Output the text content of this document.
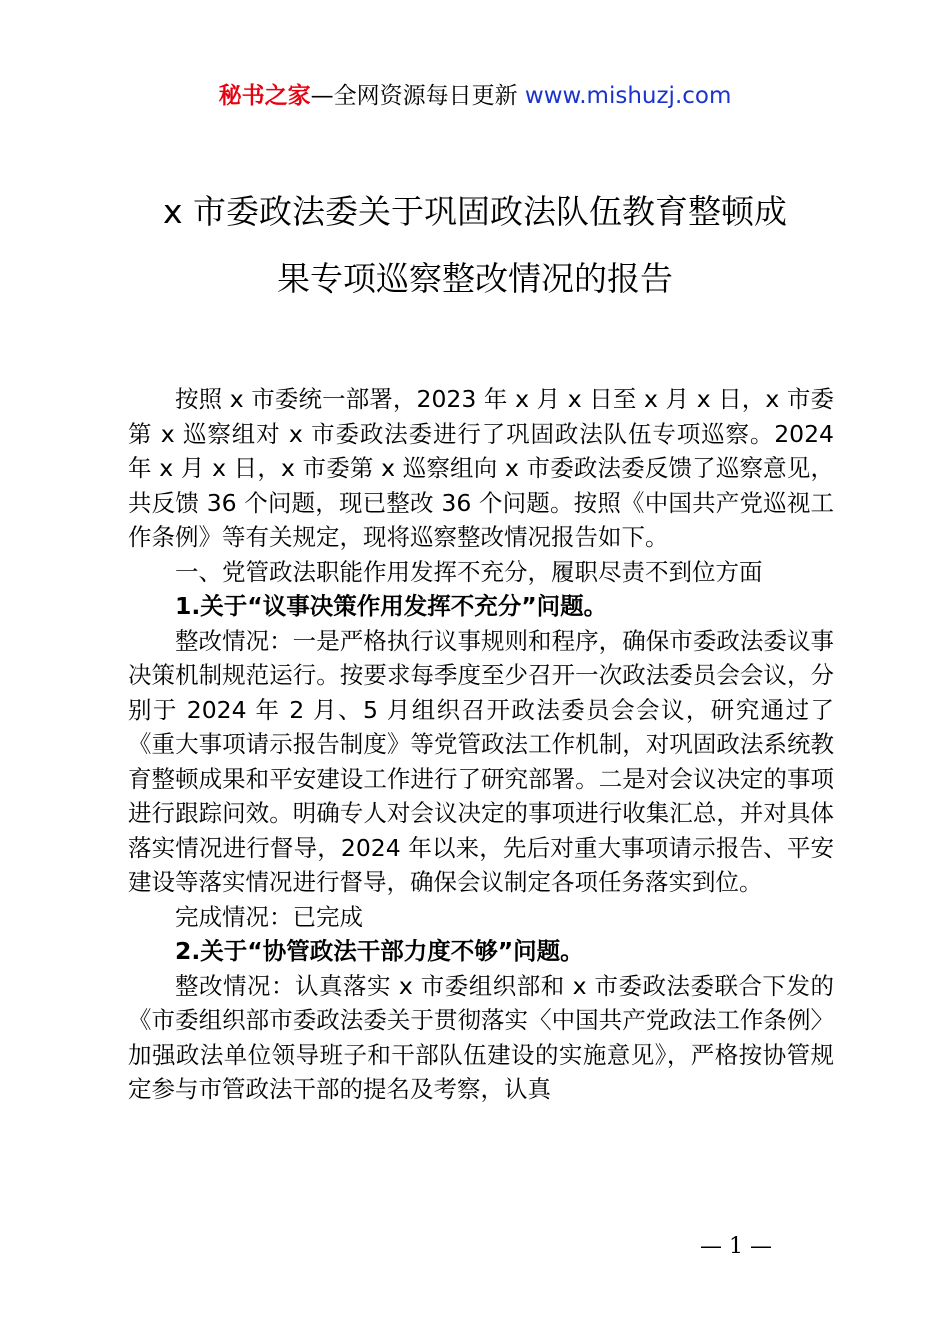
秘书之家—全网资源每日更新 www.mishuzj.com
x 市委政法委关于巩固政法队伍教育整顿成
果专项巡察整改情况的报告

按照 x 市委统一部署，2023 年 x 月 x 日至 x 月 x 日，x 市委第 x 巡察组对 x 市委政法委进行了巩固政法队伍专项巡察。2024 年 x 月 x 日，x 市委第 x 巡察组向 x 市委政法委反馈了巡察意见，共反馈 36 个问题，现已整改 36 个问题。按照《中国共产党巡视工作条例》等有关规定，现将巡察整改情况报告如下。

一、党管政法职能作用发挥不充分，履职尽责不到位方面

1.关于“议事决策作用发挥不充分”问题。

整改情况：一是严格执行议事规则和程序，确保市委政法委议事决策机制规范运行。按要求每季度至少召开一次政法委员会会议，分别于 2024 年 2 月、5 月组织召开政法委员会会议，研究通过了《重大事项请示报告制度》等党管政法工作机制，对巩固政法系统教育整顿成果和平安建设工作进行了研究部署。二是对会议决定的事项进行跟踪问效。明确专人对会议决定的事项进行收集汇总，并对具体落实情况进行督导，2024 年以来，先后对重大事项请示报告、平安建设等落实情况进行督导，确保会议制定各项任务落实到位。

完成情况：已完成

2.关于“协管政法干部力度不够”问题。

整改情况：认真落实 x 市委组织部和 x 市委政法委联合下发的《市委组织部市委政法委关于贯彻落实〈中国共产党政法工作条例〉加强政法单位领导班子和干部队伍建设的实施意见》，严格按协管规定参与市管政法干部的提名及考察，认真

— 1 —
